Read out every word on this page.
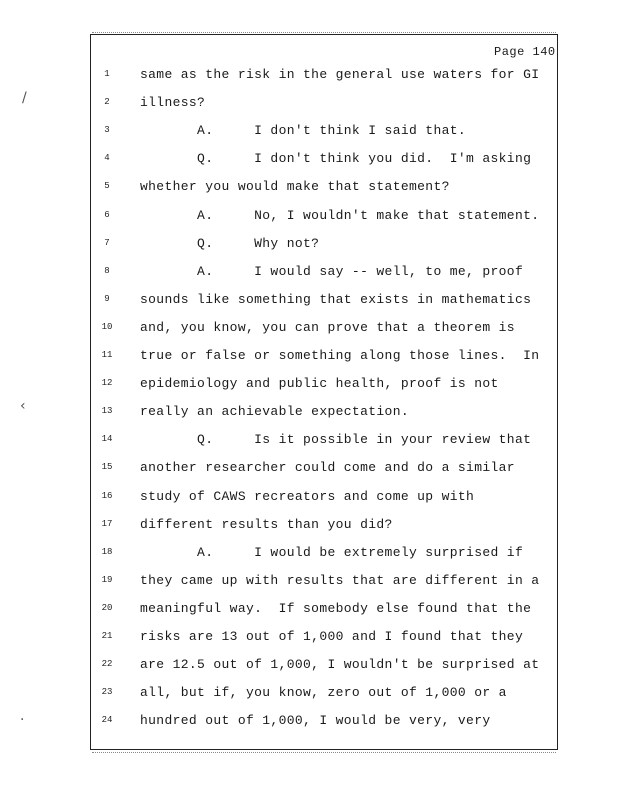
Page 140
/
‹
·
1	same as the risk in the general use waters for GI
2	illness?
3	A.     I don't think I said that.
4	Q.     I don't think you did.  I'm asking
5	whether you would make that statement?
6	A.     No, I wouldn't make that statement.
7	Q.     Why not?
8	A.     I would say -- well, to me, proof
9	sounds like something that exists in mathematics
10	and, you know, you can prove that a theorem is
11	true or false or something along those lines.  In
12	epidemiology and public health, proof is not
13	really an achievable expectation.
14	Q.     Is it possible in your review that
15	another researcher could come and do a similar
16	study of CAWS recreators and come up with
17	different results than you did?
18	A.     I would be extremely surprised if
19	they came up with results that are different in a
20	meaningful way.  If somebody else found that the
21	risks are 13 out of 1,000 and I found that they
22	are 12.5 out of 1,000, I wouldn't be surprised at
23	all, but if, you know, zero out of 1,000 or a
24	hundred out of 1,000, I would be very, very
